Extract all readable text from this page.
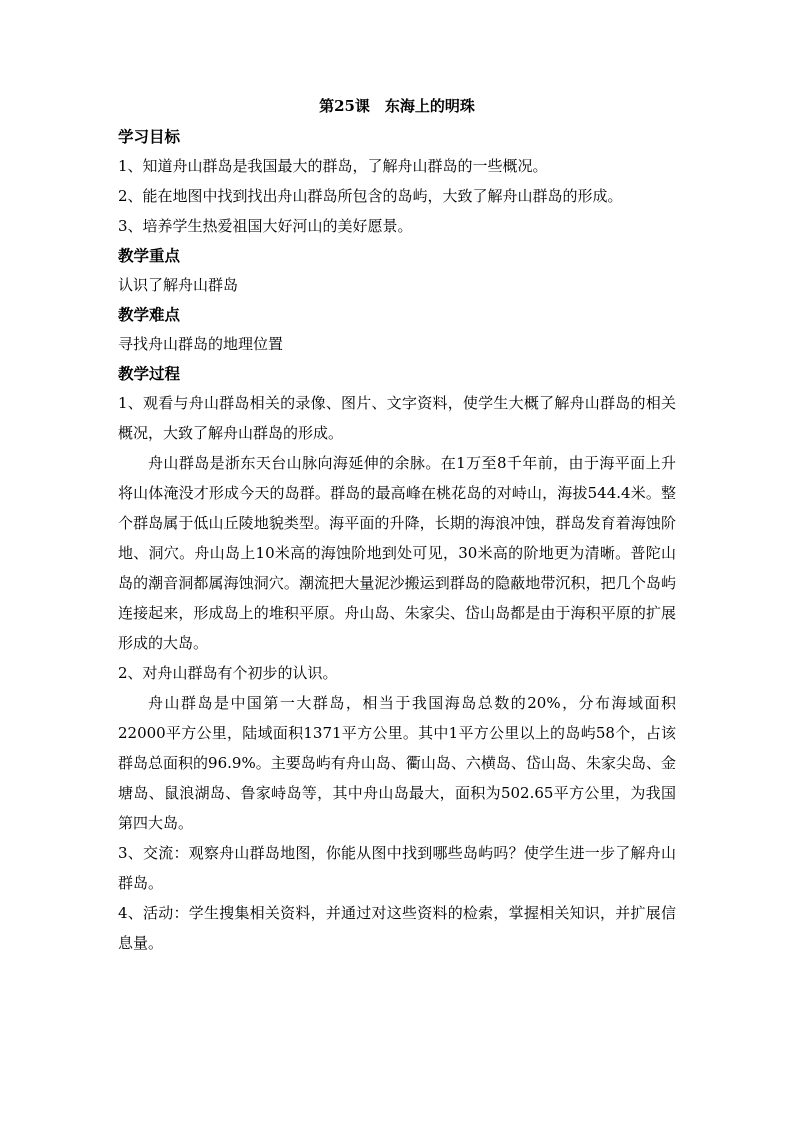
第25课　东海上的明珠
学习目标
1、知道舟山群岛是我国最大的群岛，了解舟山群岛的一些概况。
2、能在地图中找到找出舟山群岛所包含的岛屿，大致了解舟山群岛的形成。
3、培养学生热爱祖国大好河山的美好愿景。
教学重点
认识了解舟山群岛
教学难点
寻找舟山群岛的地理位置
教学过程
1、观看与舟山群岛相关的录像、图片、文字资料，使学生大概了解舟山群岛的相关概况，大致了解舟山群岛的形成。
舟山群岛是浙东天台山脉向海延伸的余脉。在1万至8千年前，由于海平面上升将山体淹没才形成今天的岛群。群岛的最高峰在桃花岛的对峙山，海拔544.4米。整个群岛属于低山丘陵地貌类型。海平面的升降，长期的海浪冲蚀，群岛发育着海蚀阶地、洞穴。舟山岛上10米高的海蚀阶地到处可见，30米高的阶地更为清晰。普陀山岛的潮音洞都属海蚀洞穴。潮流把大量泥沙搬运到群岛的隐蔽地带沉积，把几个岛屿连接起来，形成岛上的堆积平原。舟山岛、朱家尖、岱山岛都是由于海积平原的扩展形成的大岛。
2、对舟山群岛有个初步的认识。
舟山群岛是中国第一大群岛，相当于我国海岛总数的20%，分布海域面积22000平方公里，陆域面积1371平方公里。其中1平方公里以上的岛屿58个，占该群岛总面积的96.9%。主要岛屿有舟山岛、衢山岛、六横岛、岱山岛、朱家尖岛、金塘岛、鼠浪湖岛、鲁家峙岛等，其中舟山岛最大，面积为502.65平方公里，为我国第四大岛。
3、交流：观察舟山群岛地图，你能从图中找到哪些岛屿吗？使学生进一步了解舟山群岛。
4、活动：学生搜集相关资料，并通过对这些资料的检索，掌握相关知识，并扩展信息量。
